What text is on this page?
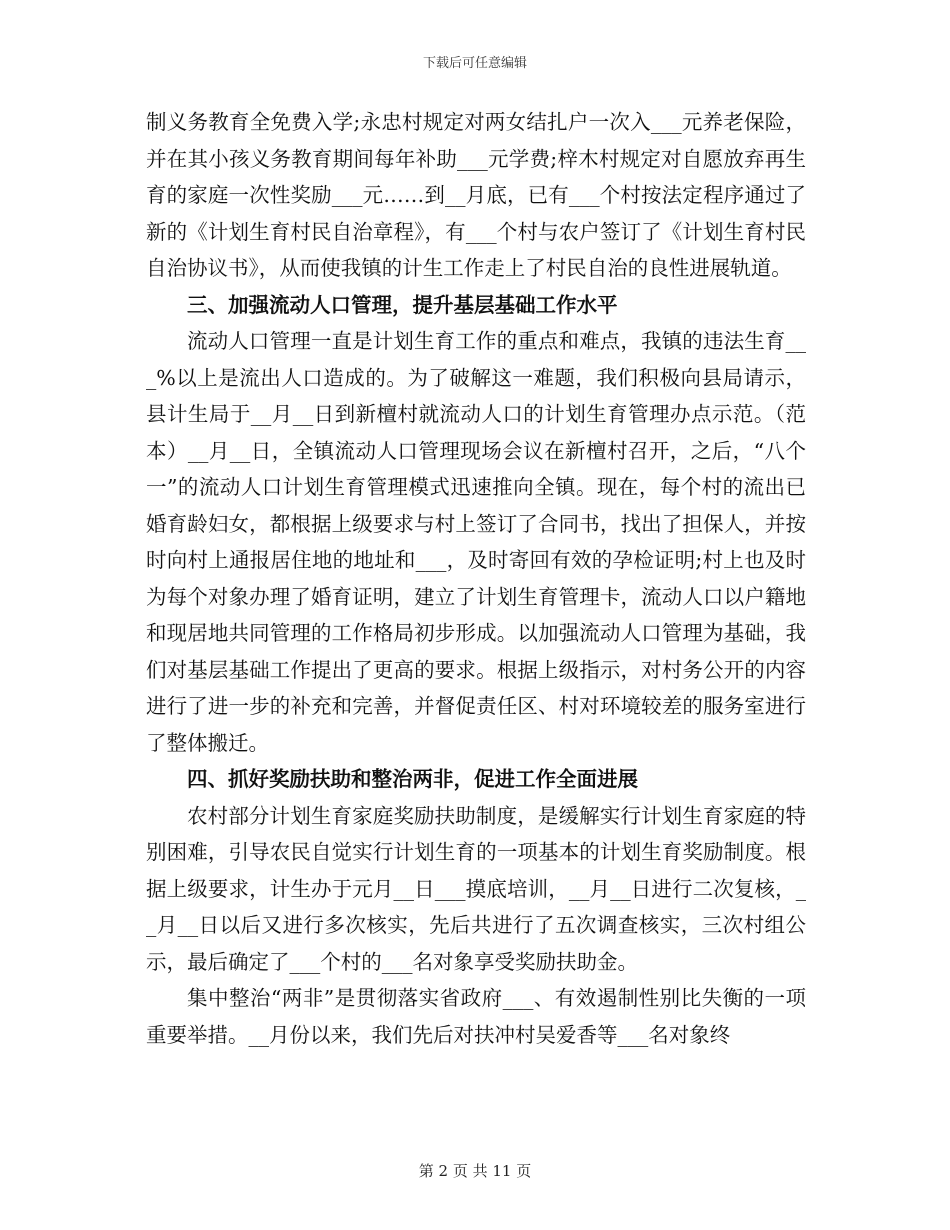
下载后可任意编辑

制义务教育全免费入学;永忠村规定对两女结扎户一次入___元养老保险，并在其小孩义务教育期间每年补助___元学费;梓木村规定对自愿放弃再生育的家庭一次性奖励___元……到__月底，已有___个村按法定程序通过了新的《计划生育村民自治章程》，有___个村与农户签订了《计划生育村民自治协议书》，从而使我镇的计生工作走上了村民自治的良性进展轨道。

三、加强流动人口管理，提升基层基础工作水平

流动人口管理一直是计划生育工作的重点和难点，我镇的违法生育___%以上是流出人口造成的。为了破解这一难题，我们积极向县局请示，县计生局于__月__日到新檀村就流动人口的计划生育管理办点示范。（范本）__月__日，全镇流动人口管理现场会议在新檀村召开，之后，“八个一”的流动人口计划生育管理模式迅速推向全镇。现在，每个村的流出已婚育龄妇女，都根据上级要求与村上签订了合同书，找出了担保人，并按时向村上通报居住地的地址和___，及时寄回有效的孕检证明;村上也及时为每个对象办理了婚育证明，建立了计划生育管理卡，流动人口以户籍地和现居地共同管理的工作格局初步形成。以加强流动人口管理为基础，我们对基层基础工作提出了更高的要求。根据上级指示，对村务公开的内容进行了进一步的补充和完善，并督促责任区、村对环境较差的服务室进行了整体搬迁。

四、抓好奖励扶助和整治两非，促进工作全面进展

农村部分计划生育家庭奖励扶助制度，是缓解实行计划生育家庭的特别困难，引导农民自觉实行计划生育的一项基本的计划生育奖励制度。根据上级要求，计生办于元月__日___摸底培训，__月__日进行二次复核，__月__日以后又进行多次核实，先后共进行了五次调查核实，三次村组公示，最后确定了___个村的___名对象享受奖励扶助金。

集中整治“两非”是贯彻落实省政府___、有效遏制性别比失衡的一项重要举措。__月份以来，我们先后对扶冲村吴爱香等___名对象终

第 2 页 共 11 页
